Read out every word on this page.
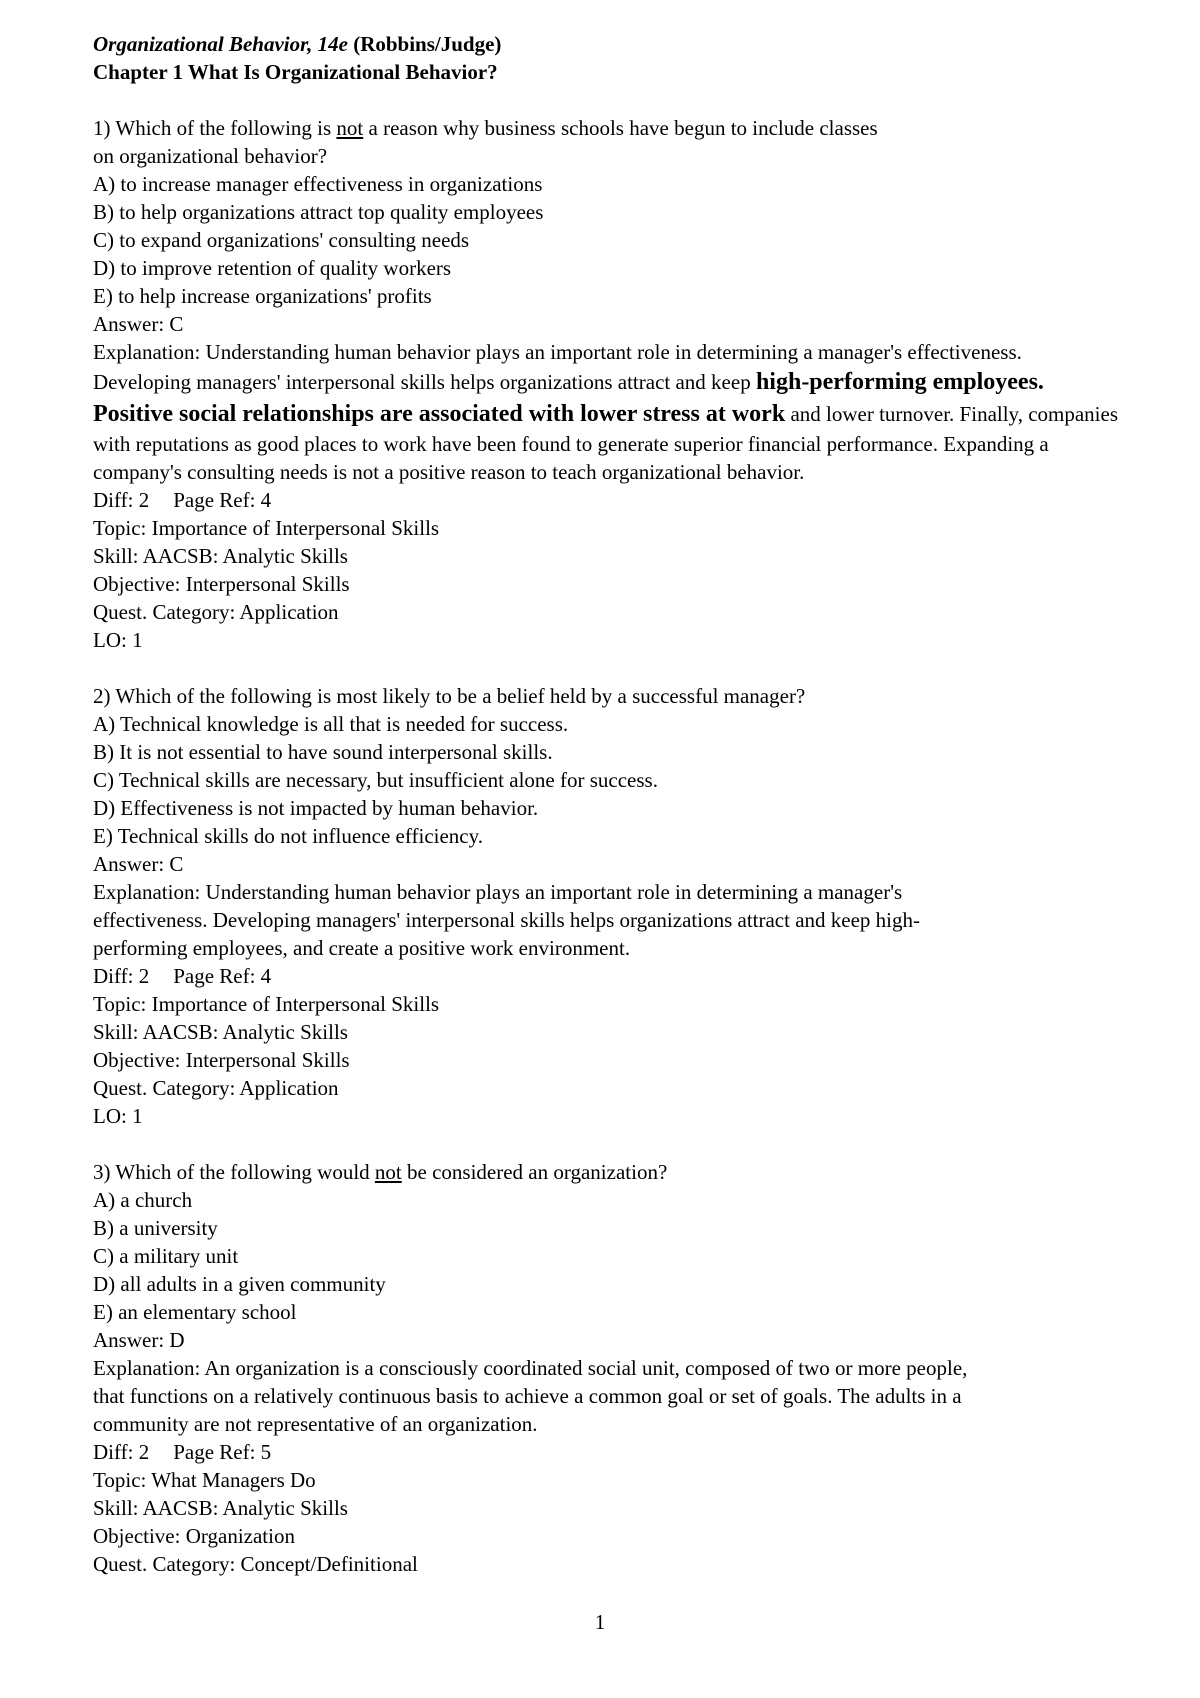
Organizational Behavior, 14e (Robbins/Judge)
Chapter 1 What Is Organizational Behavior?
1) Which of the following is not a reason why business schools have begun to include classes
on organizational behavior?
A) to increase manager effectiveness in organizations
B) to help organizations attract top quality employees
C) to expand organizations' consulting needs
D) to improve retention of quality workers
E) to help increase organizations' profits
Answer: C
Explanation: Understanding human behavior plays an important role in determining a manager's effectiveness. Developing managers' interpersonal skills helps organizations attract and keep high-performing employees. Positive social relationships are associated with lower stress at work and lower turnover. Finally, companies with reputations as good places to work have been found to generate superior financial performance. Expanding a company's consulting needs is not a positive reason to teach organizational behavior.
Diff: 2 Page Ref: 4
Topic: Importance of Interpersonal Skills
Skill: AACSB: Analytic Skills
Objective: Interpersonal Skills
Quest. Category: Application
LO: 1
2) Which of the following is most likely to be a belief held by a successful manager?
A) Technical knowledge is all that is needed for success.
B) It is not essential to have sound interpersonal skills.
C) Technical skills are necessary, but insufficient alone for success.
D) Effectiveness is not impacted by human behavior.
E) Technical skills do not influence efficiency.
Answer: C
Explanation: Understanding human behavior plays an important role in determining a manager's
effectiveness. Developing managers' interpersonal skills helps organizations attract and keep high-
performing employees, and create a positive work environment.
Diff: 2 Page Ref: 4
Topic: Importance of Interpersonal Skills
Skill: AACSB: Analytic Skills
Objective: Interpersonal Skills
Quest. Category: Application
LO: 1
3) Which of the following would not be considered an organization?
A) a church
B) a university
C) a military unit
D) all adults in a given community
E) an elementary school
Answer: D
Explanation: An organization is a consciously coordinated social unit, composed of two or more people,
that functions on a relatively continuous basis to achieve a common goal or set of goals. The adults in a
community are not representative of an organization.
Diff: 2 Page Ref: 5
Topic: What Managers Do
Skill: AACSB: Analytic Skills
Objective: Organization
Quest. Category: Concept/Definitional
1
